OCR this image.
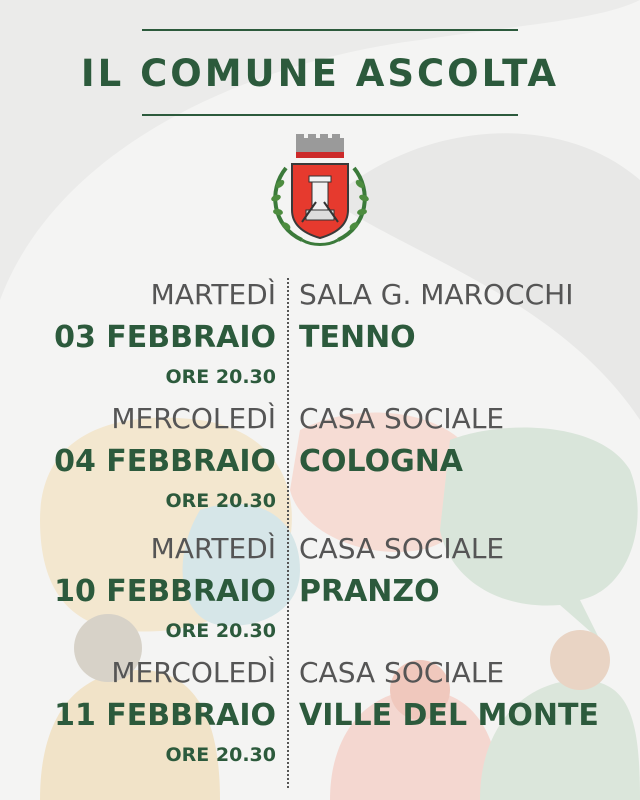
IL COMUNE ASCOLTA
MARTEDÌ
03 FEBBRAIO
ORE 20.30
SALA G. MAROCCHI
TENNO
MERCOLEDÌ
04 FEBBRAIO
ORE 20.30
CASA SOCIALE
COLOGNA
MARTEDÌ
10 FEBBRAIO
ORE 20.30
CASA SOCIALE
PRANZO
MERCOLEDÌ
11 FEBBRAIO
ORE 20.30
CASA SOCIALE
VILLE DEL MONTE
